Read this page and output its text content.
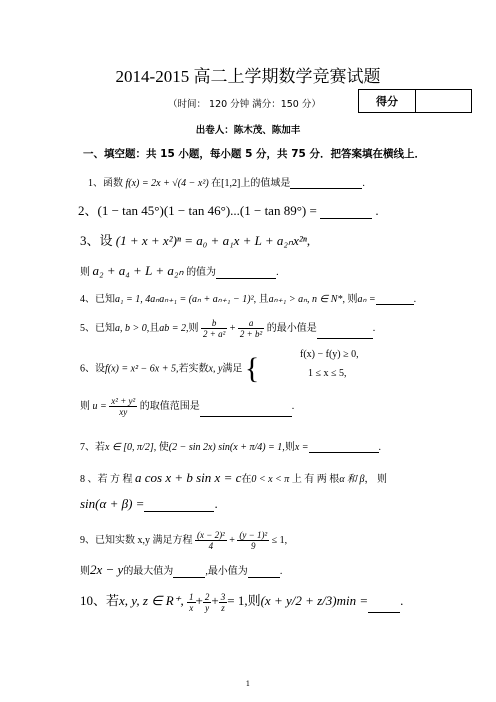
2014-2015 高二上学期数学竞赛试题
（时间： 120 分钟 满分：150 分）	得分
出卷人：陈木茂、陈加丰
一、填空题：共 15 小题，每小题 5 分，共 75 分．把答案填在横线上．
1、函数 f(x) = 2x + √(4 − x²) 在[1,2]上的值域是	.
2、(1 − tan 45°)(1 − tan 46°)...(1 − tan 89°) =	.
3、设 (1 + x + x²)ⁿ = a₀ + a₁x + L + a₂ₙx²ⁿ,
则 a₂ + a₄ + L + a₂ₙ 的值为	.
4、已知a₁ = 1, 4aₙaₙ₊₁ = (aₙ + aₙ₊₁ − 1)², 且aₙ₊₁ > aₙ, n ∈ N*, 则aₙ =	.
5、已知a, b > 0,且ab = 2,则 $\frac{b}{\text{2 + a²}} + \frac{a}{\text{2 + b²}}$ 的最小值是	.
6、设f(x) = x² − 6x + 5,若实数x, y满足 {	f(x) − f(y) ≥ 0,
1 ≤ x ≤ 5,
则 $u = \frac{\text{x² + y²}}{xy}$ 的取值范围是	.
7、若x ∈ [0, π/2], 使(2 − sin 2x) sin(x + π/4) = 1,则x =	.
8 、若 方 程 a cos x + b sin x = c在0 < x < π 上 有 两 根α 和 β， 则
sin(α + β) =	.
9、已知实数 x,y 满足方程 $\frac{\text{(x − 2)²}}{4} + \frac{\text{(y − 1)²}}{9} \le 1$,
则2x − y的最大值为	,最小值为	.
10、若x, y, z ∈ R⁺, $\frac{1}{x} + \frac{2}{y} + \frac{3}{z} = 1$,则(x + y/2 + z/3)min = .
1
